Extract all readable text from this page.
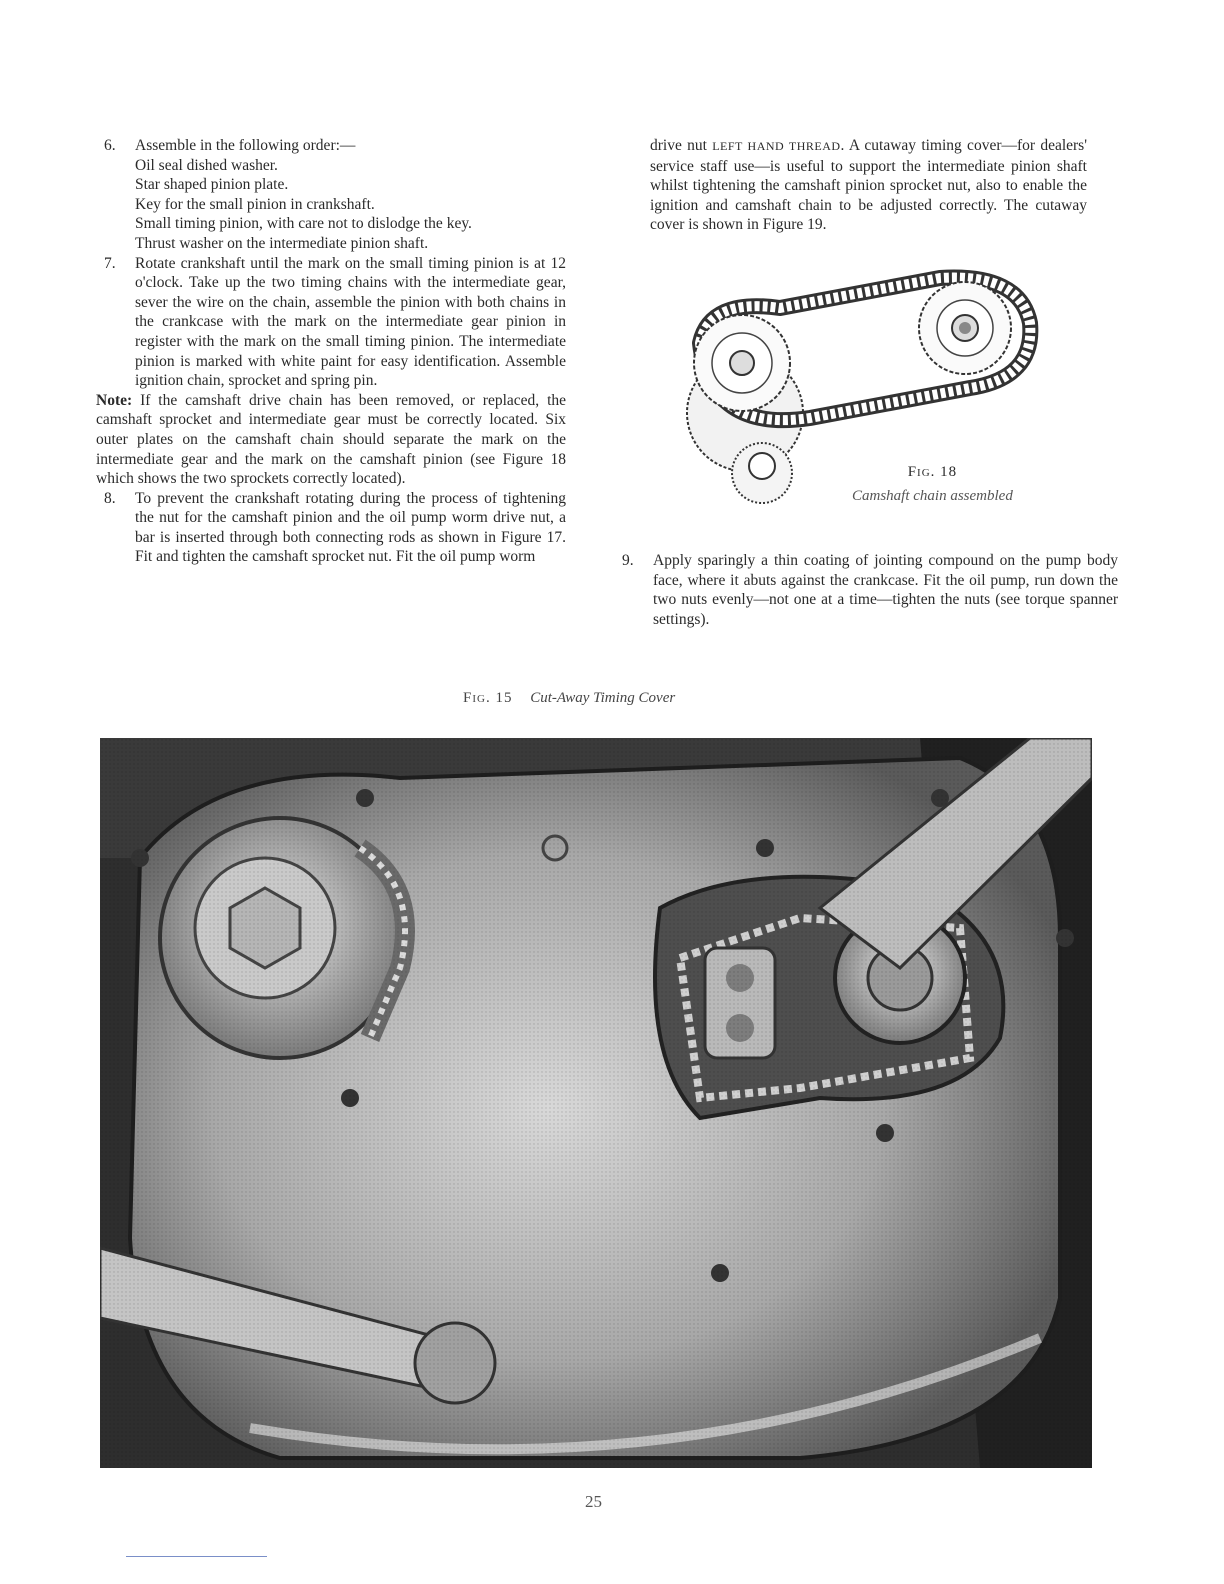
6. Assemble in the following order:—
Oil seal dished washer.
Star shaped pinion plate.
Key for the small pinion in crankshaft.
Small timing pinion, with care not to dislodge the key.
Thrust washer on the intermediate pinion shaft.
7. Rotate crankshaft until the mark on the small timing pinion is at 12 o'clock. Take up the two timing chains with the intermediate gear, sever the wire on the chain, assemble the pinion with both chains in the crankcase with the mark on the intermediate gear pinion in register with the mark on the small timing pinion. The intermediate pinion is marked with white paint for easy identification. Assemble ignition chain, sprocket and spring pin.
Note: If the camshaft drive chain has been removed, or replaced, the camshaft sprocket and intermediate gear must be correctly located. Six outer plates on the camshaft chain should separate the mark on the intermediate gear and the mark on the camshaft pinion (see Figure 18 which shows the two sprockets correctly located).
8. To prevent the crankshaft rotating during the process of tightening the nut for the camshaft pinion and the oil pump worm drive nut, a bar is inserted through both connecting rods as shown in Figure 17. Fit and tighten the camshaft sprocket nut. Fit the oil pump worm
drive nut LEFT HAND THREAD. A cutaway timing cover—for dealers' service staff use—is useful to support the intermediate pinion shaft whilst tightening the camshaft pinion sprocket nut, also to enable the ignition and camshaft chain to be adjusted correctly. The cutaway cover is shown in Figure 19.
Fig. 18
Camshaft chain assembled
9. Apply sparingly a thin coating of jointing compound on the pump body face, where it abuts against the crankcase. Fit the oil pump, run down the two nuts evenly—not one at a time—tighten the nuts (see torque spanner settings).
Fig. 15 Cut-Away Timing Cover
25
